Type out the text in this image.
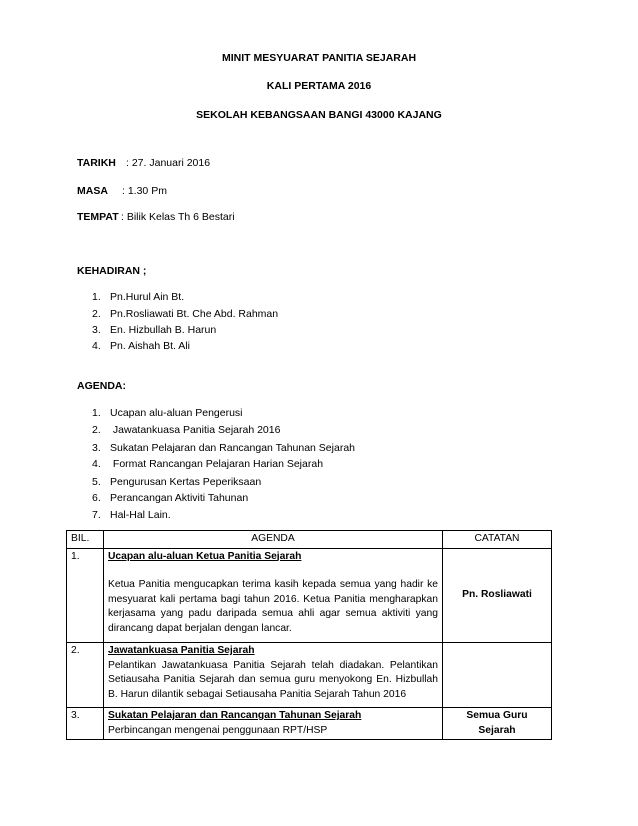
MINIT MESYUARAT PANITIA SEJARAH
KALI PERTAMA 2016
SEKOLAH KEBANGSAAN BANGI 43000 KAJANG
TARIKH : 27. Januari 2016
MASA : 1.30 Pm
TEMPAT : Bilik Kelas Th 6 Bestari
KEHADIRAN ;
1. Pn.Hurul Ain Bt.
2. Pn.Rosliawati Bt. Che Abd. Rahman
3. En. Hizbullah B. Harun
4. Pn. Aishah Bt. Ali
AGENDA:
1. Ucapan alu-aluan Pengerusi
2. Jawatankuasa Panitia Sejarah 2016
3. Sukatan Pelajaran dan Rancangan Tahunan Sejarah
4. Format Rancangan Pelajaran Harian Sejarah
5. Pengurusan Kertas Peperiksaan
6. Perancangan Aktiviti Tahunan
7. Hal-Hal Lain.
BIL.	AGENDA	CATATAN
1.	Ucapan alu-aluan Ketua Panitia Sejarah
Ketua Panitia mengucapkan terima kasih kepada semua yang hadir ke mesyuarat kali pertama bagi tahun 2016. Ketua Panitia mengharapkan kerjasama yang padu daripada semua ahli agar semua aktiviti yang dirancang dapat berjalan dengan lancar.	Pn. Rosliawati
2.	Jawatankuasa Panitia Sejarah
Pelantikan Jawatankuasa Panitia Sejarah telah diadakan. Pelantikan Setiausaha Panitia Sejarah dan semua guru menyokong En. Hizbullah B. Harun dilantik sebagai Setiausaha Panitia Sejarah Tahun 2016	

3.	Sukatan Pelajaran dan Rancangan Tahunan Sejarah
Perbincangan mengenai penggunaan RPT/HSP	Semua Guru Sejarah
